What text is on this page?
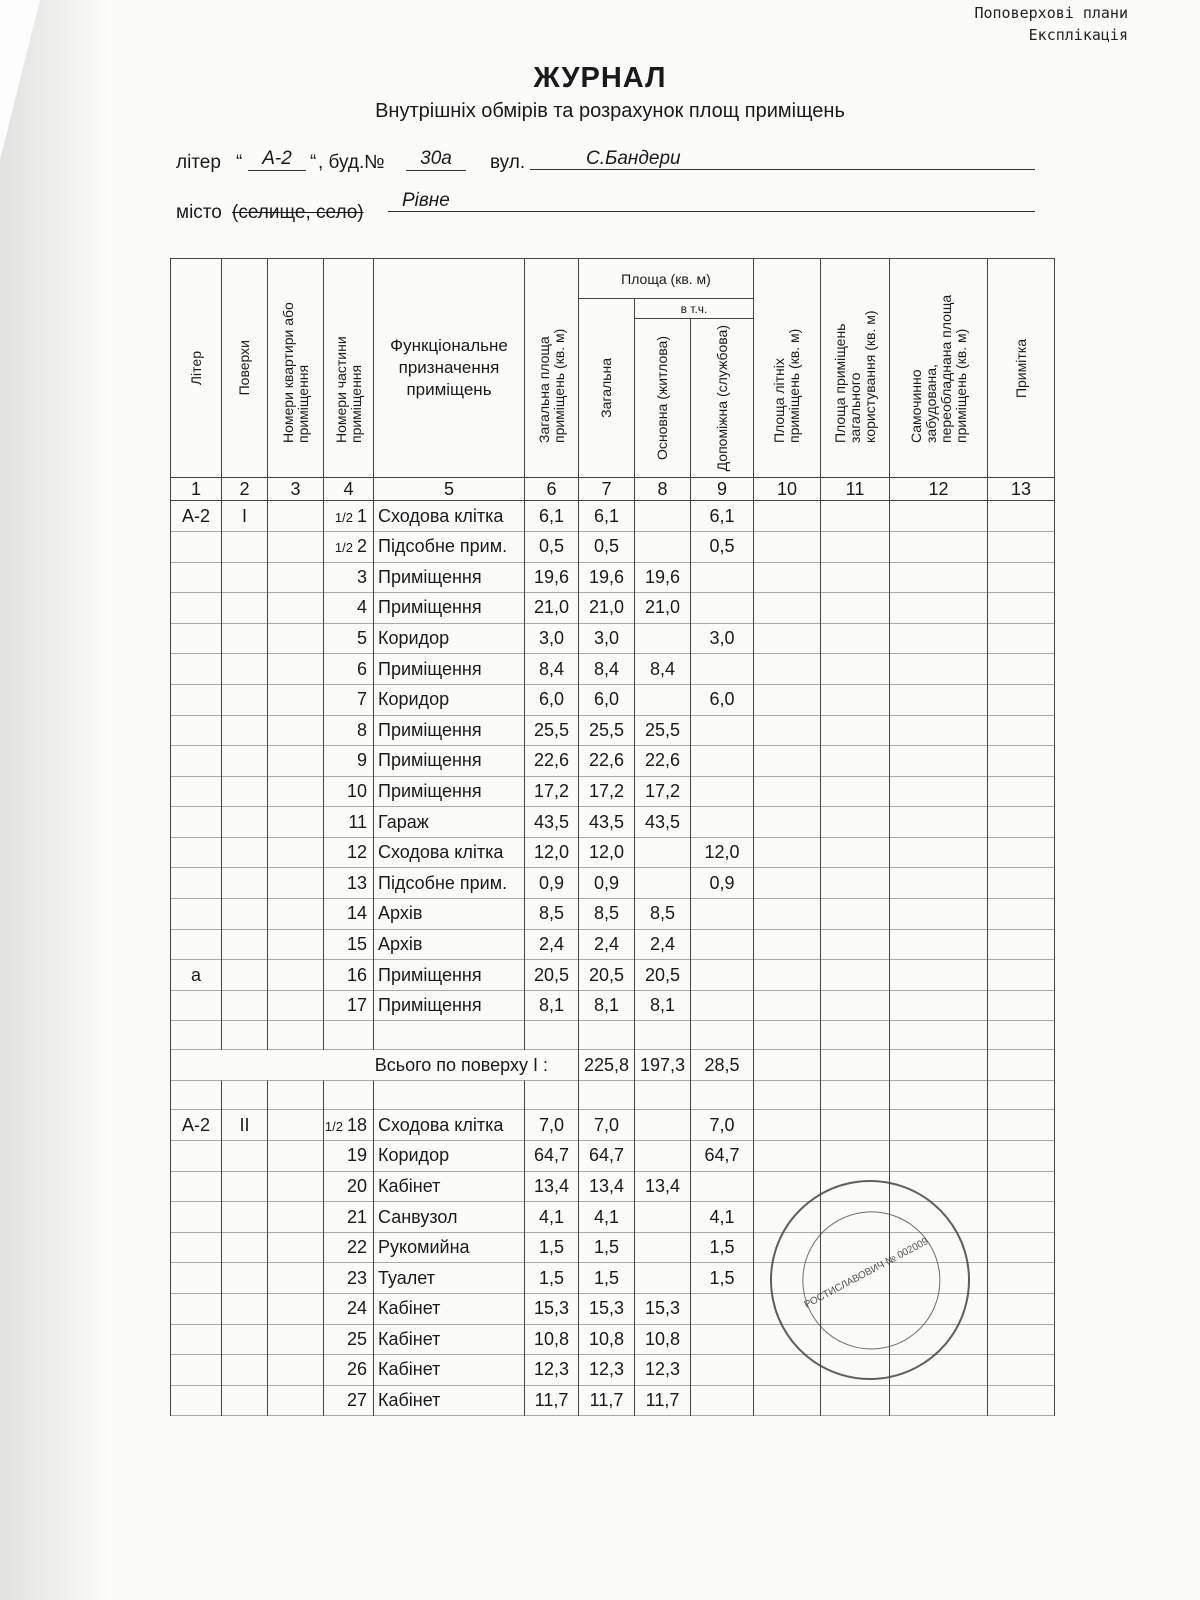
Поповерхові плани
Експлікація
ЖУРНАЛ
Внутрішніх обмірів та розрахунок площ приміщень
літер “	А-2 “ , буд.№	30а	вул.	С.Бандери
місто (селище, село)
Рівне
Літер	Поверхи	Номери квартири або приміщення	Номери частини приміщення	Функціональне призначення приміщень	Загальна площа приміщень (кв. м)	Площа (кв. м)			Площа літніх приміщень (кв. м)	Площа приміщень загального користування (кв. м)	Самочинно забудована, переобладнана площа приміщень (кв. м)	Примітка

						Загальна	в т.ч.					

							Основна (житлова)	Допоміжна (службова)				

1	2	3	4	5	6	7	8	9	10	11	12	13
А-2	I		1/2 1	Сходова клітка	6,1	6,1		6,1				
			1/2 2	Підсобне прим.	0,5	0,5		0,5				
			3	Приміщення	19,6	19,6	19,6					
			4	Приміщення	21,0	21,0	21,0					
			5	Коридор	3,0	3,0		3,0				
			6	Приміщення	8,4	8,4	8,4					
			7	Коридор	6,0	6,0		6,0				
			8	Приміщення	25,5	25,5	25,5					
			9	Приміщення	22,6	22,6	22,6					
			10	Приміщення	17,2	17,2	17,2					
			11	Гараж	43,5	43,5	43,5					
			12	Сходова клітка	12,0	12,0		12,0				
			13	Підсобне прим.	0,9	0,9		0,9				
			14	Архів	8,5	8,5	8,5					
			15	Архів	2,4	2,4	2,4					
а			16	Приміщення	20,5	20,5	20,5					
			17	Приміщення	8,1	8,1	8,1					

Всього по поверху I :						225,8	197,3	28,5				

А-2	II		1/2 18	Сходова клітка	7,0	7,0		7,0				
			19	Коридор	64,7	64,7		64,7				
			20	Кабінет	13,4	13,4	13,4					
			21	Санвузол	4,1	4,1		4,1				
			22	Рукомийна	1,5	1,5		1,5				
			23	Туалет	1,5	1,5		1,5				
			24	Кабінет	15,3	15,3	15,3					
			25	Кабінет	10,8	10,8	10,8					
			26	Кабінет	12,3	12,3	12,3					
			27	Кабінет	11,7	11,7	11,7					
РОСТИСЛАВОВИЧ № 002009
